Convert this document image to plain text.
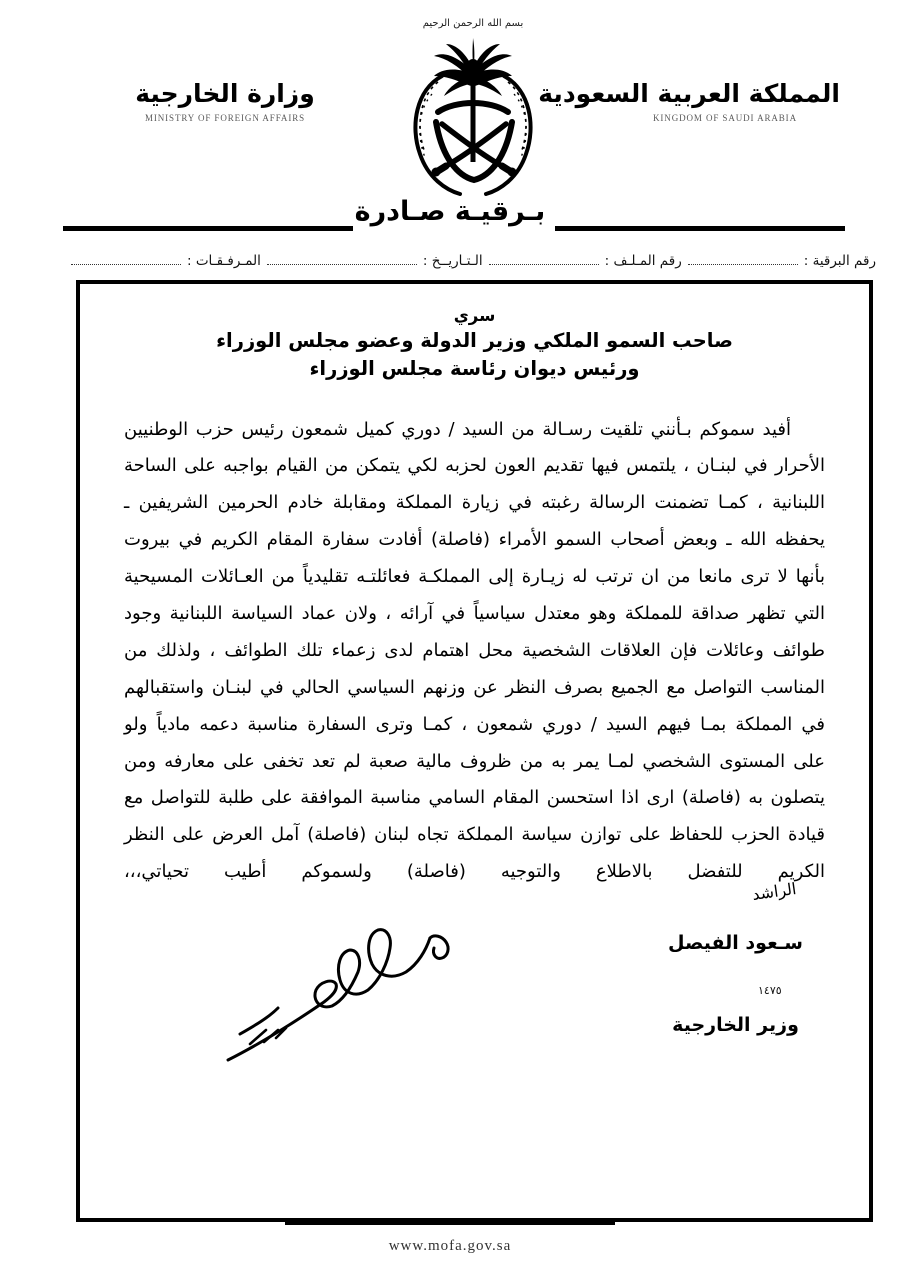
وزارة الخارجية
MINISTRY OF FOREIGN AFFAIRS
المملكة العربية السعودية
KINGDOM OF SAUDI ARABIA
بسم الله الرحمن الرحيم
بـرقيـة صـادرة
رقم البرقية :
رقم المـلـف :
الـتـاريــخ :
المـرفـقـات :
سري
صاحب السمو الملكي وزير الدولة وعضو مجلس الوزراء
ورئيس ديوان رئاسة مجلس الوزراء
أفيد سموكم بـأنني تلقيت رسـالة من السيد / دوري كميل شمعون رئيس حزب الوطنيين الأحرار في لبنـان ، يلتمس فيها تقديم العون لحزبه لكي يتمكن من القيام بواجبه على الساحة اللبنانية ، كمـا تضمنت الرسالة رغبته في زيارة المملكة ومقابلة خادم الحرمين الشريفين ـ يحفظه الله ـ وبعض أصحاب السمو الأمراء (فاصلة) أفادت سفارة المقام الكريم في بيروت بأنها لا ترى مانعا من ان ترتب له زيـارة إلى المملكـة فعائلتـه تقليدياً من العـائلات المسيحية التي تظهر صداقة للمملكة وهو معتدل سياسياً في آرائه ، ولان عماد السياسة اللبنانية وجود طوائف وعائلات فإن العلاقات الشخصية محل اهتمام لدى زعماء تلك الطوائف ، ولذلك من المناسب التواصل مع الجميع بصرف النظر عن وزنهم السياسي الحالي في لبنـان واستقبالهم في المملكة بمـا فيهم السيد / دوري شمعون ، كمـا وترى السفارة مناسبة دعمه مادياً ولو على المستوى الشخصي لمـا يمر به من ظروف مالية صعبة لم تعد تخفى على معارفه ومن يتصلون به (فاصلة) ارى اذا استحسن المقام السامي مناسبة الموافقة على طلبة للتواصل مع قيادة الحزب للحفاظ على توازن سياسة المملكة تجاه لبنان (فاصلة) آمل العرض على النظر الكريم للتفضل بالاطلاع والتوجيه (فاصلة) ولسموكم أطيب تحياتي،،،
سـعود الفيصل
وزير الخارجية
الراشد
١٤٧٥
www.mofa.gov.sa
